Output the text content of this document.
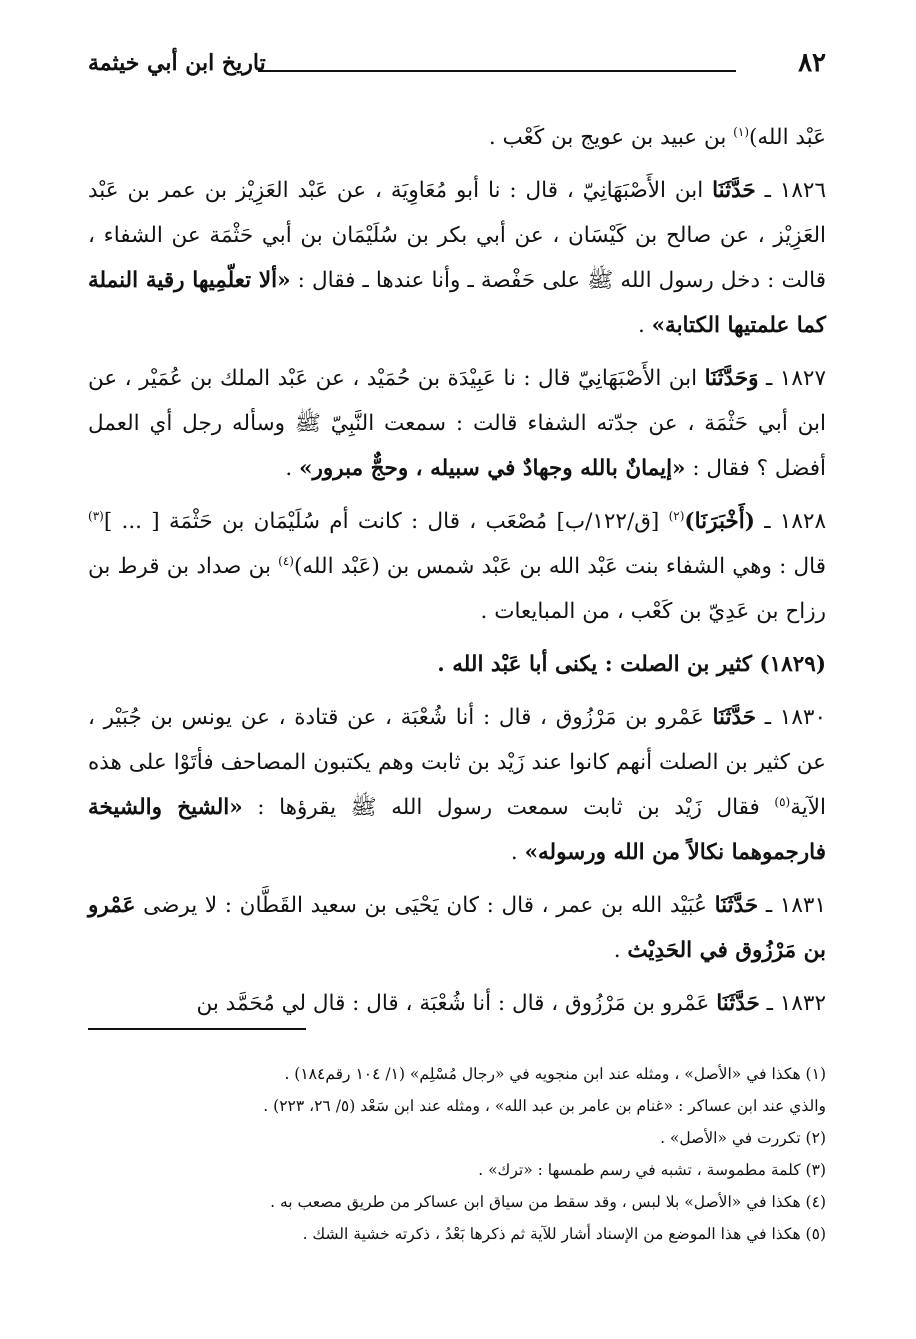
٨٢
تاريخ ابن أبي خيثمة

عَبْد الله)$^{(١)}$ بن عبيد بن عويج بن كَعْب .

١٨٢٦ ـ حَدَّثَنَا ابن الأَصْبَهَانِيّ ، قال : نا أبو مُعَاوِيَة ، عن عَبْد العَزِيْز بن عمر بن عَبْد العَزِيْز ، عن صالح بن كَيْسَان ، عن أبي بكر بن سُلَيْمَان بن أبي حَثْمَة عن الشفاء ، قالت : دخل رسول الله ﷺ على حَفْصة ـ وأنا عندها ـ فقال : «ألا تعلّمِيها رقية النملة كما علمتيها الكتابة» .

١٨٢٧ ـ وَحَدَّثَنَا ابن الأَصْبَهَانِيّ قال : نا عَبِيْدَة بن حُمَيْد ، عن عَبْد الملك بن عُمَيْر ، عن ابن أبي حَثْمَة ، عن جدّته الشفاء قالت : سمعت النَّبِيّ ﷺ وسأله رجل أي العمل أفضل ؟ فقال : «إيمانٌ بالله وجهادٌ في سبيله ، وحجٌّ مبرور» .

١٨٢٨ ـ (أَخْبَرَنَا)$^{(٢)}$ [ق/١٢٢/ب] مُصْعَب ، قال : كانت أم سُلَيْمَان بن حَثْمَة [ ... ]$^{(٣)}$ قال : وهي الشفاء بنت عَبْد الله بن عَبْد شمس بن (عَبْد الله)$^{(٤)}$ بن صداد بن قرط بن رزاح بن عَدِيّ بن كَعْب ، من المبايعات .

(١٨٢٩) كثير بن الصلت : يكنى أبا عَبْد الله .

١٨٣٠ ـ حَدَّثَنَا عَمْرو بن مَرْزُوق ، قال : أنا شُعْبَة ، عن قتادة ، عن يونس بن جُبَيْر ، عن كثير بن الصلت أنهم كانوا عند زَيْد بن ثابت وهم يكتبون المصاحف فأتَوْا على هذه الآية$^{(٥)}$ فقال زَيْد بن ثابت سمعت رسول الله ﷺ يقرؤها : «الشيخ والشيخة فارجموهما نكالاً من الله ورسوله» .

١٨٣١ ـ حَدَّثَنَا عُبَيْد الله بن عمر ، قال : كان يَحْيَى بن سعيد القَطَّان : لا يرضى عَمْرو بن مَرْزُوق في الحَدِيْث .

١٨٣٢ ـ حَدَّثَنَا عَمْرو بن مَرْزُوق ، قال : أنا شُعْبَة ، قال : قال لي مُحَمَّد بن

(١) هكذا في «الأصل» ، ومثله عند ابن منجويه في «رجال مُسْلِم» (١/ ١٠٤ رقم١٨٤) .

والذي عند ابن عساكر : «غنام بن عامر بن عبد الله» ، ومثله عند ابن سَعْد (٥/ ٢٦، ٢٢٣) .

(٢) تكررت في «الأصل» .

(٣) كلمة مطموسة ، تشبه في رسم طمسها : «ترك» .

(٤) هكذا في «الأصل» بلا لبس ، وقد سقط من سياق ابن عساكر من طريق مصعب به .

(٥) هكذا في هذا الموضع من الإسناد أشار للآية ثم ذكرها بَعْدُ ، ذكرته خشية الشك .
